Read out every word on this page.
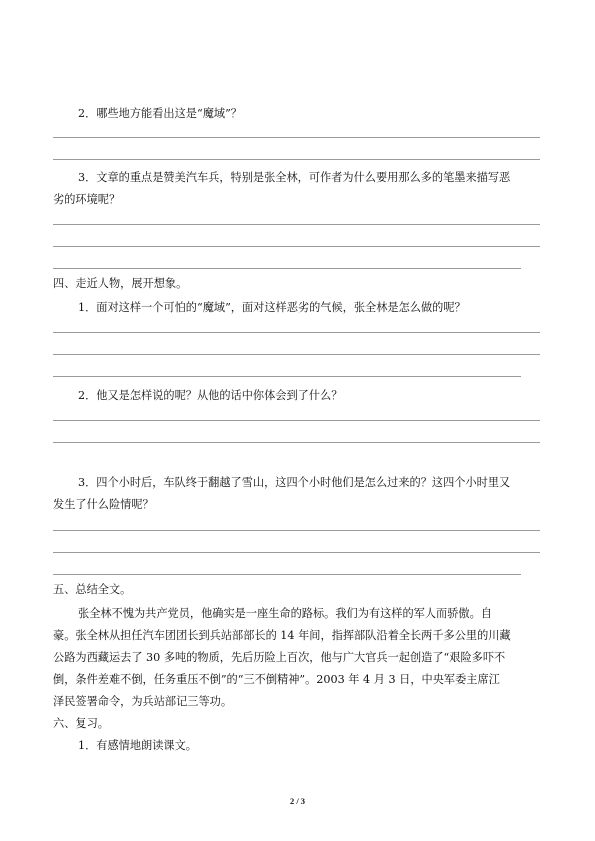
2．哪些地方能看出这是“魔域”？

3．文章的重点是赞美汽车兵，特别是张全林，可作者为什么要用那么多的笔墨来描写恶

劣的环境呢？

四、走近人物，展开想象。

1．面对这样一个可怕的“魔域”，面对这样恶劣的气候，张全林是怎么做的呢？

2．他又是怎样说的呢？从他的话中你体会到了什么？

3．四个小时后，车队终于翻越了雪山，这四个小时他们是怎么过来的？这四个小时里又

发生了什么险情呢？

五、总结全文。

张全林不愧为共产党员，他确实是一座生命的路标。我们为有这样的军人而骄傲。自

豪。张全林从担任汽车团团长到兵站部部长的 14 年间，指挥部队沿着全长两千多公里的川藏

公路为西藏运去了 30 多吨的物质，先后历险上百次，他与广大官兵一起创造了“艰险多吓不

倒，条件差难不倒，任务重压不倒”的“三不倒精神”。2003 年 4 月 3 日，中央军委主席江

泽民签署命令，为兵站部记三等功。

六、复习。

1．有感情地朗读课文。

2 / 3
